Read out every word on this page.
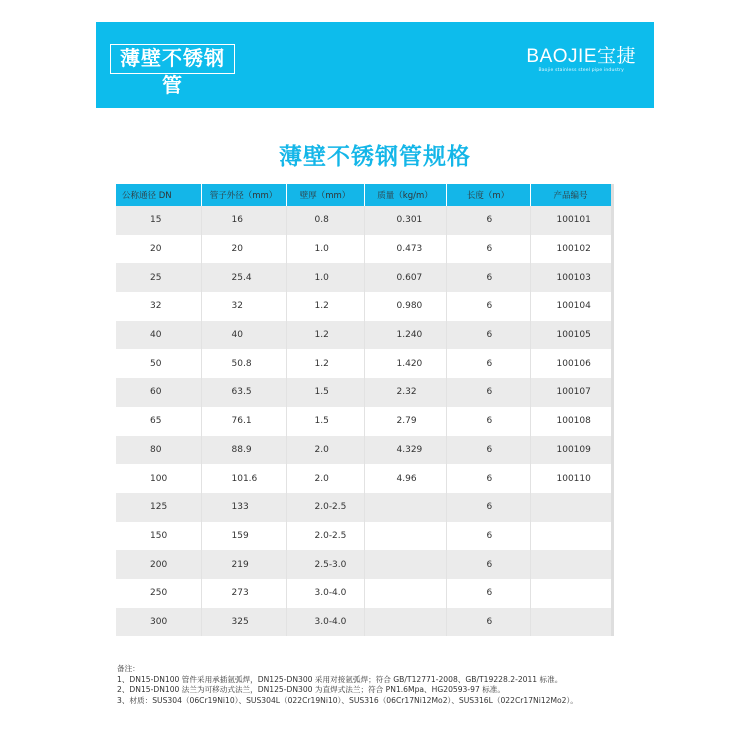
薄壁不锈钢管
BAOJIE宝捷
Baojie stainless steel pipe industry
薄壁不锈钢管规格
公称通径 DN	管子外径（mm）	壁厚（mm）	质量（kg/m）	长度（m）	产品编号
15	16	0.8	0.301	6	100101
20	20	1.0	0.473	6	100102
25	25.4	1.0	0.607	6	100103
32	32	1.2	0.980	6	100104
40	40	1.2	1.240	6	100105
50	50.8	1.2	1.420	6	100106
60	63.5	1.5	2.32	6	100107
65	76.1	1.5	2.79	6	100108
80	88.9	2.0	4.329	6	100109
100	101.6	2.0	4.96	6	100110
125	133	2.0-2.5		6	
150	159	2.0-2.5		6	
200	219	2.5-3.0		6	
250	273	3.0-4.0		6	
300	325	3.0-4.0		6	
备注：
1、DN15-DN100 管件采用承插氩弧焊，DN125-DN300 采用对接氩弧焊；符合 GB/T12771-2008、GB/T19228.2-2011 标准。
2、DN15-DN100 法兰为可移动式法兰，DN125-DN300 为直焊式法兰；符合 PN1.6Mpa、HG20593-97 标准。
3、材质：SUS304（06Cr19Ni10）、SUS304L（022Cr19Ni10）、SUS316（06Cr17Ni12Mo2）、SUS316L（022Cr17Ni12Mo2）。
